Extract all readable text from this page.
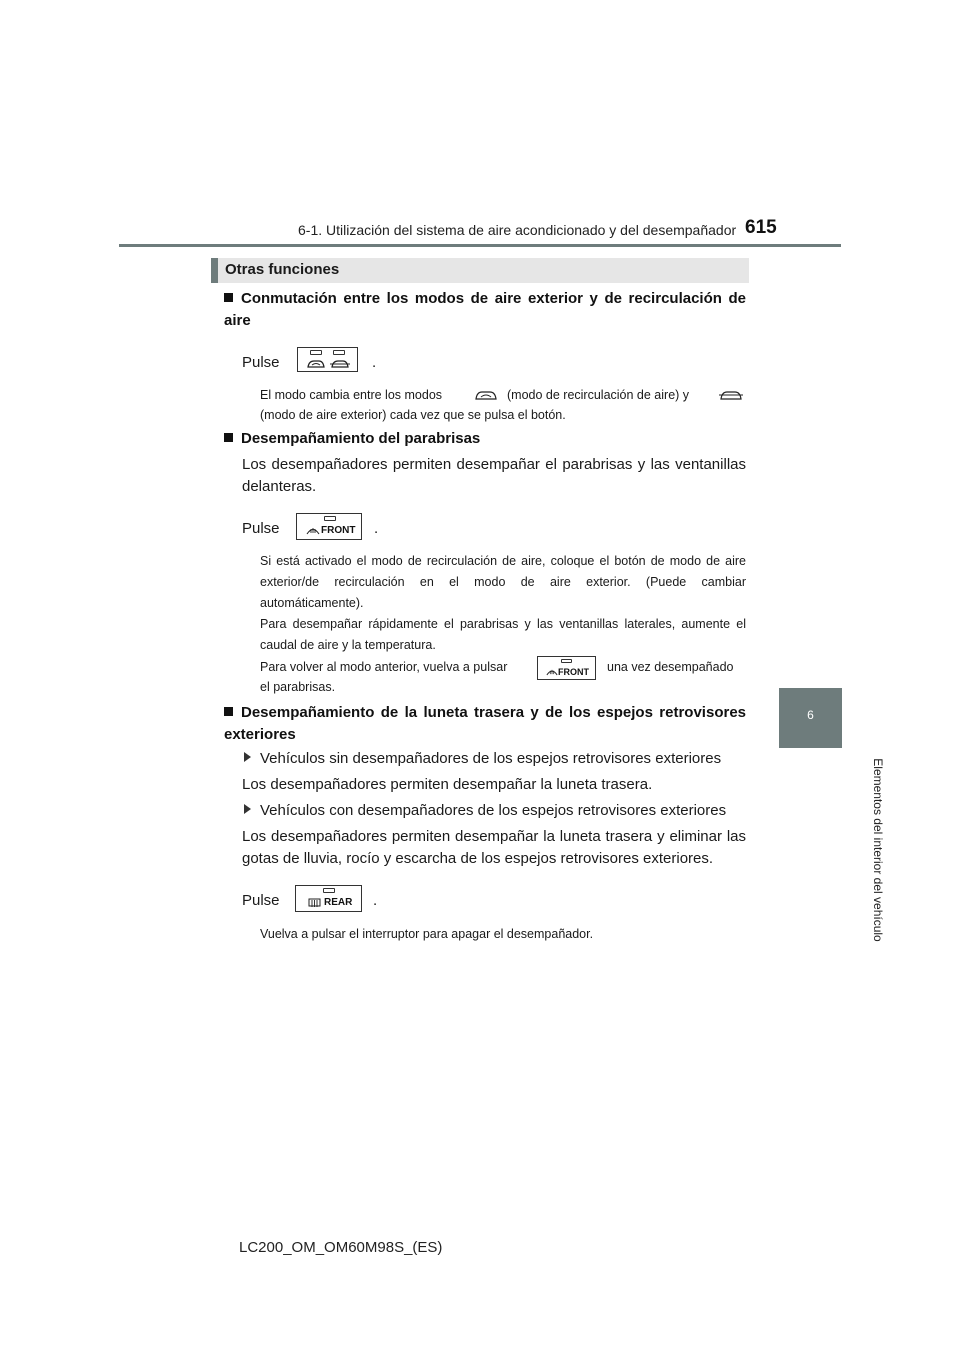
6-1. Utilización del sistema de aire acondicionado y del desempañador 615
Otras funciones
6
Elementos del interior del vehículo
Conmutación entre los modos de aire exterior y de recirculación de aire
Pulse	.
El modo cambia entre los modos	(modo de recirculación de aire) y
(modo de aire exterior) cada vez que se pulsa el botón.
Desempañamiento del parabrisas
Los desempañadores permiten desempañar el parabrisas y las ventanillas delanteras.
Pulse	FRONT .
Si está activado el modo de recirculación de aire, coloque el botón de modo de aire exterior/de recirculación en el modo de aire exterior. (Puede cambiar automáticamente).
Para desempañar rápidamente el parabrisas y las ventanillas laterales, aumente el caudal de aire y la temperatura.
Para volver al modo anterior, vuelva a pulsar	FRONT una vez desempañado
el parabrisas.
Desempañamiento de la luneta trasera y de los espejos retrovisores exteriores
Vehículos sin desempañadores de los espejos retrovisores exteriores
Los desempañadores permiten desempañar la luneta trasera.
Vehículos con desempañadores de los espejos retrovisores exteriores
Los desempañadores permiten desempañar la luneta trasera y eliminar las gotas de lluvia, rocío y escarcha de los espejos retrovisores exteriores.
Pulse	REAR .
Vuelva a pulsar el interruptor para apagar el desempañador.
LC200_OM_OM60M98S_(ES)
